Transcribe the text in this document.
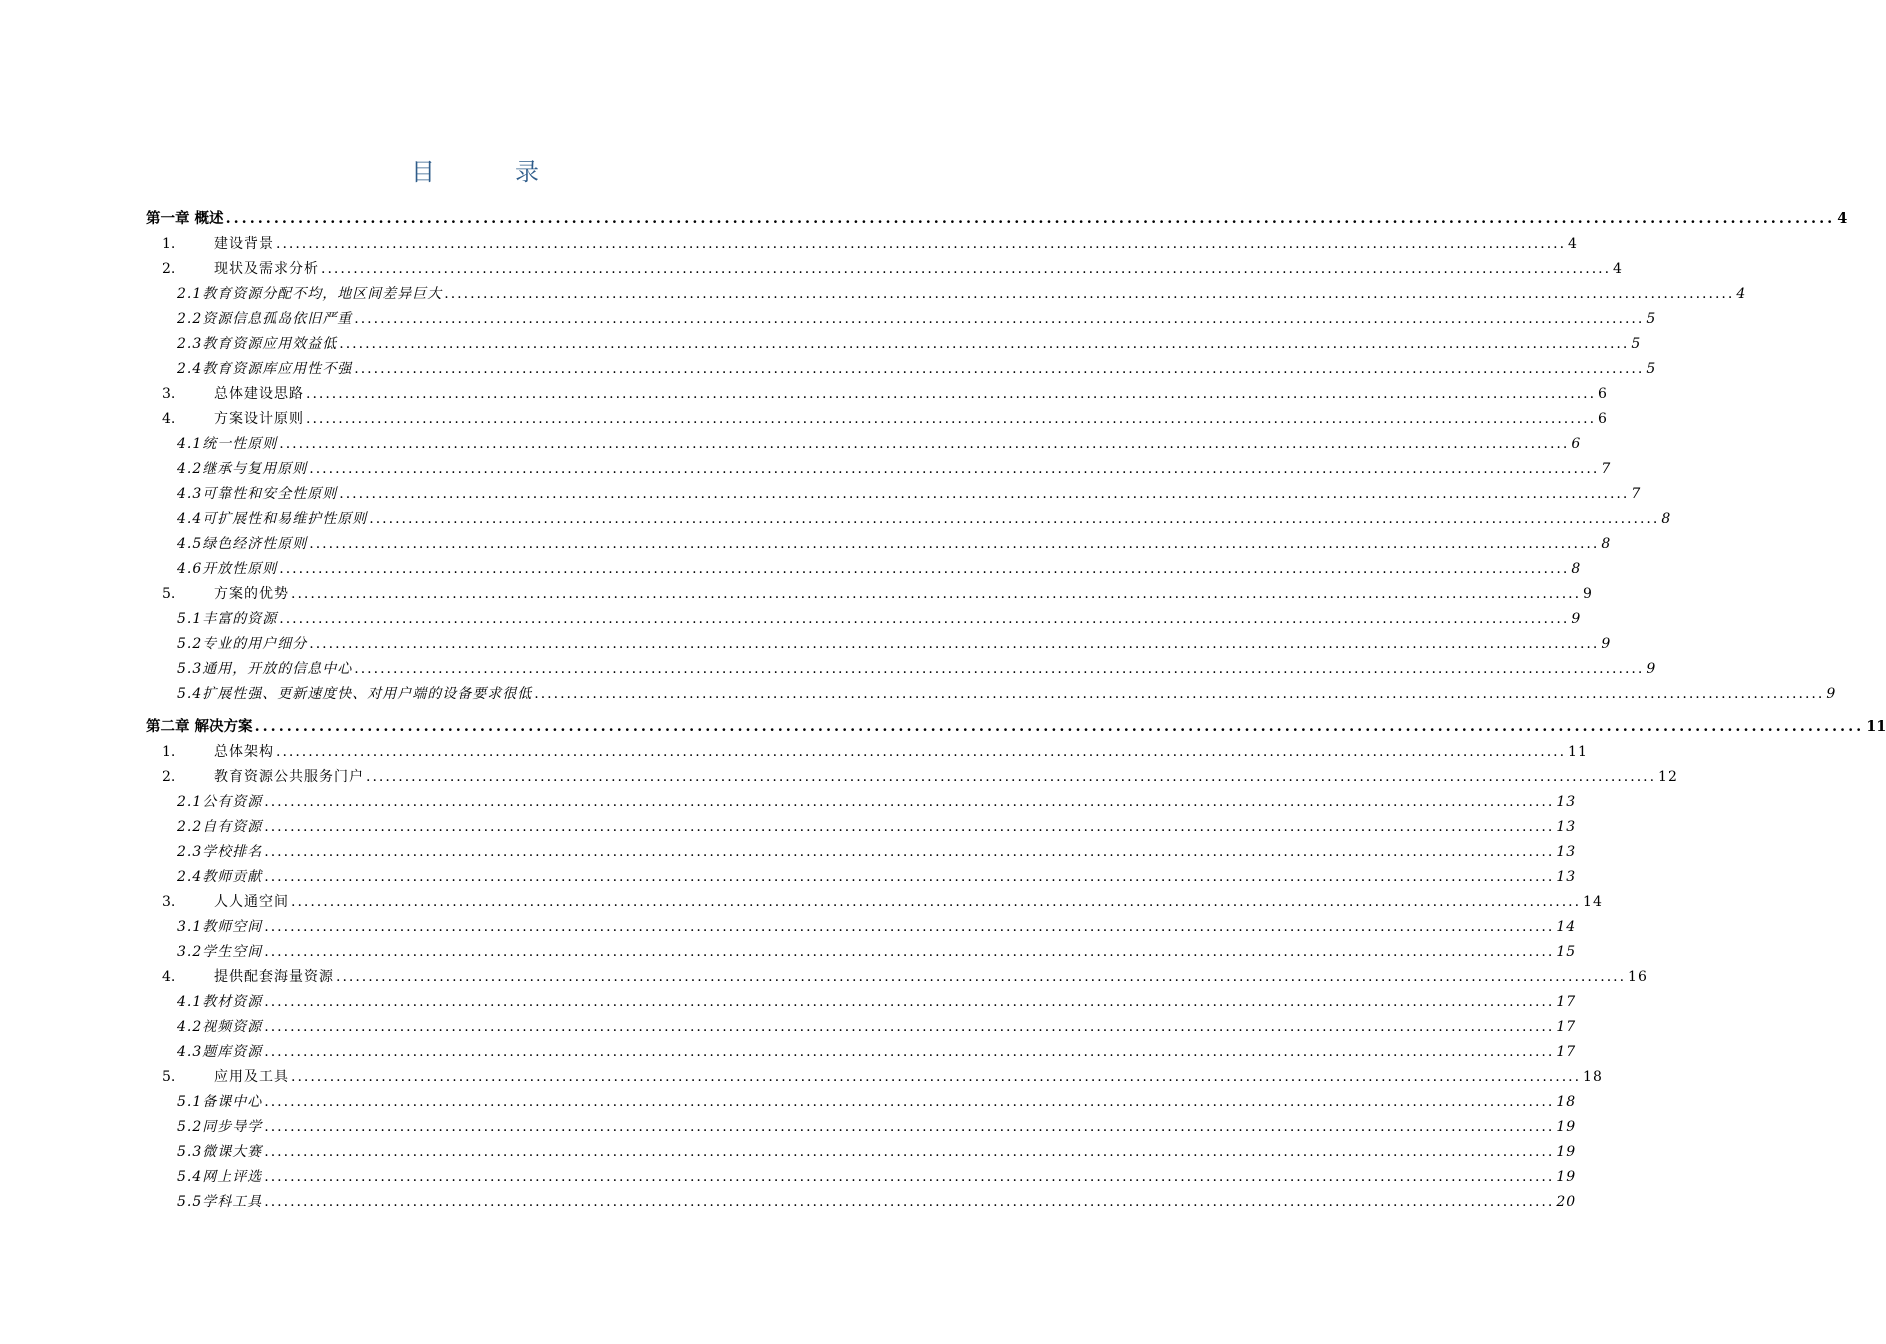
目　录
第一章 概述 ........................................................................................................................................................................................................ 4
1.	建设背景 ........................................................................................................................................................................................................ 4
2.	现状及需求分析 ........................................................................................................................................................................................................ 4
2.1教育资源分配不均，地区间差异巨大 ........................................................................................................................................................................................................ 4
2.2资源信息孤岛依旧严重 ........................................................................................................................................................................................................ 5
2.3教育资源应用效益低 ........................................................................................................................................................................................................ 5
2.4教育资源库应用性不强 ........................................................................................................................................................................................................ 5
3.	总体建设思路 ........................................................................................................................................................................................................ 6
4.	方案设计原则 ........................................................................................................................................................................................................ 6
4.1统一性原则 ........................................................................................................................................................................................................ 6
4.2继承与复用原则 ........................................................................................................................................................................................................ 7
4.3可靠性和安全性原则 ........................................................................................................................................................................................................ 7
4.4可扩展性和易维护性原则 ........................................................................................................................................................................................................ 8
4.5绿色经济性原则 ........................................................................................................................................................................................................ 8
4.6开放性原则 ........................................................................................................................................................................................................ 8
5.	方案的优势 ........................................................................................................................................................................................................ 9
5.1丰富的资源 ........................................................................................................................................................................................................ 9
5.2专业的用户细分 ........................................................................................................................................................................................................ 9
5.3通用，开放的信息中心 ........................................................................................................................................................................................................ 9
5.4扩展性强、更新速度快、对用户端的设备要求很低 ........................................................................................................................................................................................................ 9
第二章 解决方案 ........................................................................................................................................................................................................ 11
1.	总体架构 ........................................................................................................................................................................................................ 11
2.	教育资源公共服务门户 ........................................................................................................................................................................................................ 12
2.1公有资源 ........................................................................................................................................................................................................ 13
2.2自有资源 ........................................................................................................................................................................................................ 13
2.3学校排名 ........................................................................................................................................................................................................ 13
2.4教师贡献 ........................................................................................................................................................................................................ 13
3.	人人通空间 ........................................................................................................................................................................................................ 14
3.1教师空间 ........................................................................................................................................................................................................ 14
3.2学生空间 ........................................................................................................................................................................................................ 15
4.	提供配套海量资源 ........................................................................................................................................................................................................ 16
4.1教材资源 ........................................................................................................................................................................................................ 17
4.2视频资源 ........................................................................................................................................................................................................ 17
4.3题库资源 ........................................................................................................................................................................................................ 17
5.	应用及工具 ........................................................................................................................................................................................................ 18
5.1备课中心 ........................................................................................................................................................................................................ 18
5.2同步导学 ........................................................................................................................................................................................................ 19
5.3微课大赛 ........................................................................................................................................................................................................ 19
5.4网上评选 ........................................................................................................................................................................................................ 19
5.5学科工具 ........................................................................................................................................................................................................ 20
